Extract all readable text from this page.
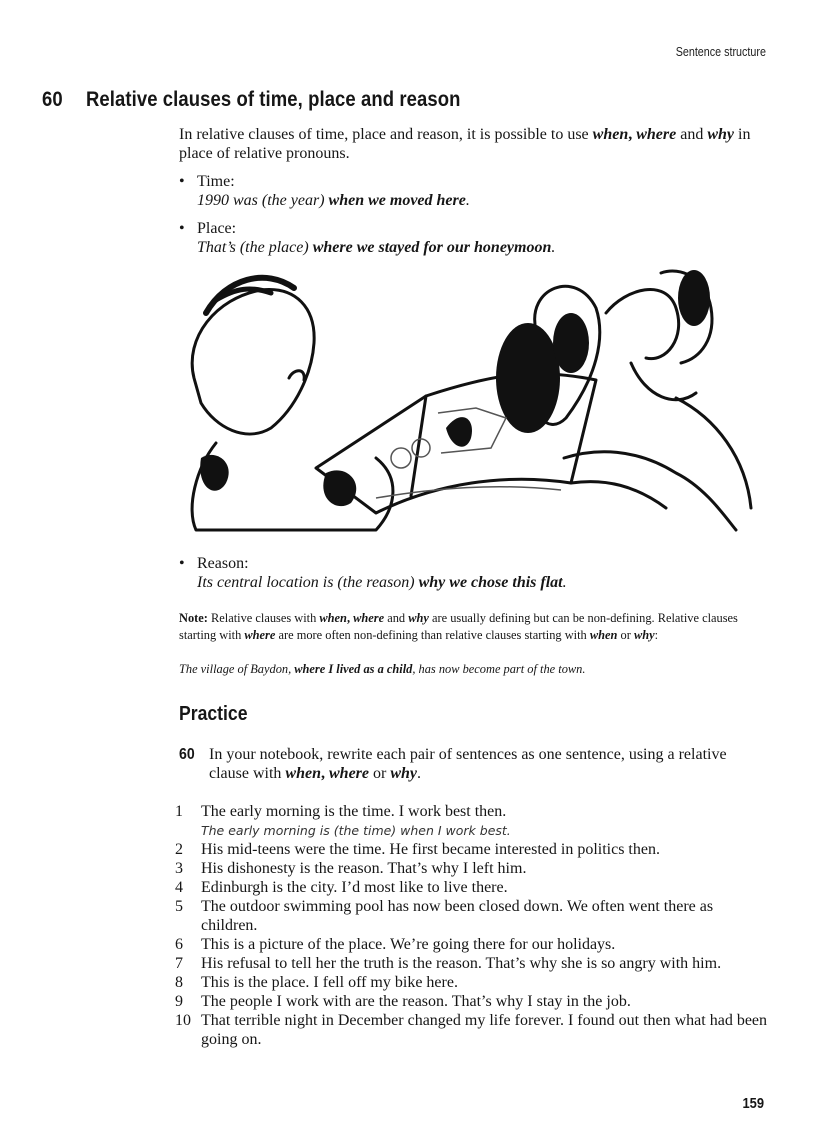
Sentence structure
60 Relative clauses of time, place and reason
In relative clauses of time, place and reason, it is possible to use when, where and why in place of relative pronouns.
• Time:
1990 was (the year) when we moved here.
• Place:
That’s (the place) where we stayed for our honeymoon.
• Reason:
Its central location is (the reason) why we chose this flat.
Note: Relative clauses with when, where and why are usually defining but can be non-defining. Relative clauses starting with where are more often non-defining than relative clauses starting with when or why:
The village of Baydon, where I lived as a child, has now become part of the town.
Practice
60 In your notebook, rewrite each pair of sentences as one sentence, using a relative clause with when, where or why.
1	The early morning is the time. I work best then.
The early morning is (the time) when I work best.
2	His mid-teens were the time. He first became interested in politics then.
3	His dishonesty is the reason. That’s why I left him.
4	Edinburgh is the city. I’d most like to live there.
5	The outdoor swimming pool has now been closed down. We often went there as children.
6	This is a picture of the place. We’re going there for our holidays.
7	His refusal to tell her the truth is the reason. That’s why she is so angry with him.
8	This is the place. I fell off my bike here.
9	The people I work with are the reason. That’s why I stay in the job.
10 That terrible night in December changed my life forever. I found out then what had been going on.
159
